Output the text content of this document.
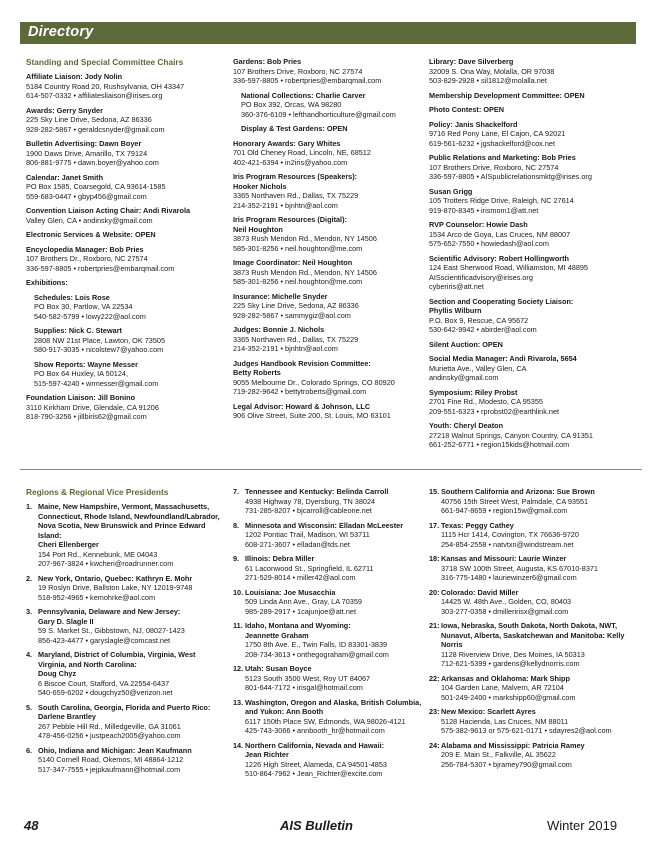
Directory
Standing and Special Committee Chairs
Affiliate Liaison: Jody Nolin
5184 Country Road 20, Rushsylvania, OH 43347
614-507-0332 • affiliatesliaison@irises.org
Awards: Gerry Snyder
225 Sky Line Drive, Sedona, AZ 86336
928-282-5867 • geraldcsnyder@gmail.com
Bulletin Advertising: Dawn Boyer
1900 Daws Drive, Amarillo, TX 79124
806-881-9775 • dawn.boyer@yahoo.com
Calendar: Janet Smith
PO Box 1585, Coarsegold, CA 93614-1585
559-683-0447 • gbyp456@gmail.com
Convention Liaison Acting Chair: Andi Rivarola
Valley Glen, CA • andinsky@gmail.com
Electronic Services & Website: OPEN
Encyclopedia Manager: Bob Pries
107 Brothers Dr., Roxboro, NC 27574
336-597-8805 • robertpries@embarqmail.com
Exhibitions:
Schedules: Lois Rose
PO Box 30, Partlow, VA 22534
540-582-5799 • lowy222@aol.com
Supplies: Nick C. Stewart
2808 NW 21st Place, Lawton, OK 73505
580-917-3035 • nicolstew7@yahoo.com
Show Reports: Wayne Messer
PO Box 64 Huxley, IA 50124,
515-597-4240 • wrmesser@gmail.com
Foundation Liaison: Jill Bonino
3110 Kirkham Drive, Glendale, CA 91206
818-790-3256 • jillbiris62@gmail.com
Gardens: Bob Pries
107 Brothers Drive, Roxboro, NC 27574
336-597-8805 • robertpries@embarqmail.com
National Collections: Charlie Carver
PO Box 392, Orcas, WA 98280
360-376-6109 • lefthandhorticulture@gmail.com
Display & Test Gardens: OPEN
Honorary Awards: Gary Whites
701 Old Cheney Road, Lincoln, NE, 68512
402-421-6394 • in2iris@yahoo.com
Iris Program Resources (Speakers):
Hooker Nichols
3365 Northaven Rd., Dallas, TX 75229
214-352-2191 • bjnhtn@aol.com
Iris Program Resources (Digital):
Neil Houghton
3873 Rush Mendon Rd., Mendon, NY 14506
585-301-8256 • neil.houghton@me.com
Image Coordinator: Neil Houghton
3873 Rush Mendon Rd., Mendon, NY 14506
585-301-8256 • neil.houghton@me.com
Insurance: Michelle Snyder
225 Sky Line Drive, Sedona, AZ 86336
928-282-5867 • sammygiz@aol.com
Judges: Bonnie J. Nichols
3365 Northaven Rd., Dallas, TX 75229
214-352-2191 • bjnhtn@aol.com
Judges Handbook Revision Committee:
Betty Roberts
9055 Melbourne Dr., Colorado Springs, CO 80920
719-282-9642 • bettytroberts@gmail.com
Legal Advisor: Howard & Johnson, LLC
906 Olive Street, Suite 200, St. Louis, MO 63101
Library: Dave Silverberg
32009 S. Ona Way, Molalla, OR 97038
503-829-2928 • sil1812@molalla.net
Membership Development Committee: OPEN
Photo Contest: OPEN
Policy: Janis Shackelford
9716 Red Pony Lane, El Cajon, CA 92021
619-561-6232 • jgshackelford@cox.net
Public Relations and Marketing: Bob Pries
107 Brothers Drive, Roxboro, NC 27574
336-597-8805 • AISpublicrelationsmktg@irises.org
Susan Grigg
105 Trotters Ridge Drive, Raleigh, NC 27614
919-870-8345 • irismom1@att.net
RVP Counselor: Howie Dash
1534 Arco de Goya, Las Cruces, NM 88007
575-652-7550 • howiedash@aol.com
Scientific Advisory: Robert Hollingworth
124 East Sherwood Road, Williamston, MI 48895
AISscientificadvisory@irises.org
cyberiris@att.net
Section and Cooperating Society Liaison:
Phyllis Wilburn
P.O. Box 9, Rescue, CA 95672
530-642-9942 • abirder@aol.com
Silent Auction: OPEN
Social Media Manager: Andi Rivarola, 5654
Murietta Ave., Valley Glen, CA
andinsky@gmail.com
Symposium: Riley Probst
2701 Fine Rd., Modesto, CA 95355
209-551-6323 • rprobst02@earthlink.net
Youth: Cheryl Deaton
27218 Walnut Springs, Canyon Country, CA 91351
661-252-6771 • region15kids@hotmail.com
Regions & Regional Vice Presidents
1. Maine, New Hampshire, Vermont, Massachusetts, Connecticut, Rhode Island, Newfoundland/Labrador, Nova Scotia, New Brunswick and Prince Edward Island:
Cheri Ellenberger
154 Port Rd., Kennebunk, ME 04043
207-967-3824 • kwcheri@roadrunner.com
2. New York, Ontario, Quebec: Kathryn E. Mohr
19 Roslyn Drive, Ballston Lake, NY 12019-9748
518-952-4965 • kemohrke@aol.com
3. Pennsylvania, Delaware and New Jersey:
Gary D. Slagle II
59 S. Market St., Gibbstown, NJ, 08027-1423
856-423-4477 • garyslagle@comcast.net
4. Maryland, District of Columbia, Virginia, West Virginia, and North Carolina:
Doug Chyz
6 Biscoe Court, Stafford, VA 22554-6437
540-659-6202 • dougchyz50@verizon.net
5. South Carolina, Georgia, Florida and Puerto Rico: Darlene Brantley
267 Pebble Hill Rd., Milledgeville, GA 31061
478-456-0256 • justpeach2005@yahoo.com
6. Ohio, Indiana and Michigan: Jean Kaufmann
5140 Cornell Road, Okemos, MI 48864-1212
517-347-7555 • jejpkaufmann@hotmail.com
7. Tennessee and Kentucky: Belinda Carroll
4938 Highway 78, Dyersburg, TN 38024
731-285-8207 • bjcarroll@cableone.net
8. Minnesota and Wisconsin: Elladan McLeester
1202 Pontiac Trail, Madison, WI 53711
608-271-3607 • elladan@tds.net
9. Illinois: Debra Miller
61 Laconwood St., Springfield, IL 62711
271-529-8014 • miller42@aol.com
10. Louisiana: Joe Musacchia
509 Linda Ann Ave., Gray, LA 70359
985-289-2917 • 1cajunjoe@att.net
11. Idaho, Montana and Wyoming:
Jeannette Graham
1750 8th Ave. E., Twin Falls, ID 83301-3839
208-734-3613 • onthegograham@gmail.com
12. Utah: Susan Boyce
5123 South 3500 West, Roy UT 84067
801-644-7172 • irisgal@hotmail.com
13. Washington, Oregon and Alaska, British Columbia, and Yukon: Ann Booth
6117 150th Place SW, Edmonds, WA 98026-4121
425-743-3066 • annbooth_hr@hotmail.com
14. Northern California, Nevada and Hawaii:
Jean Richter
1226 High Street, Alameda, CA 94501-4853
510-864-7962 • Jean_Richter@excite.com
15. Southern California and Arizona: Sue Brown
40756 15th Street West, Palmdale, CA 93551
661-947-8659 • region15w@gmail.com
17. Texas: Peggy Cathey
1115 Hcr 1414, Covington, TX 76636-9720
254-854-2558 • natvtxn@windstream.net
18: Kansas and Missouri: Laurie Winzer
3718 SW 100th Street, Augusta, KS 67010-8371
316-775-1480 • lauriewinzer6@gmail.com
20: Colorado: David Miller
14425 W. 48th Ave., Golden, CO, 80403
303-277-0358 • dmilleririsx@gmail.com
21: Iowa, Nebraska, South Dakota, North Dakota, NWT, Nunavut, Alberta, Saskatchewan and Manitoba: Kelly Norris
1128 Riverview Drive, Des Moines, IA 50313
712-621-5399 • gardens@kellydnorris.com
22: Arkansas and Oklahoma: Mark Shipp
104 Garden Lane, Malvern, AR 72104
501-249-2400 • markshipp60@gmail.com
23: New Mexico: Scarlett Ayres
5128 Hacienda, Las Cruces, NM 88011
575-382-9613 or 575-621-0171 • sdayres2@aol.com
24: Alabama and Mississippi: Patricia Ramey
209 E. Main St., Falkville, AL 35622
256-784-5307 • bjramey790@gmail.com
48	AIS Bulletin	Winter 2019
